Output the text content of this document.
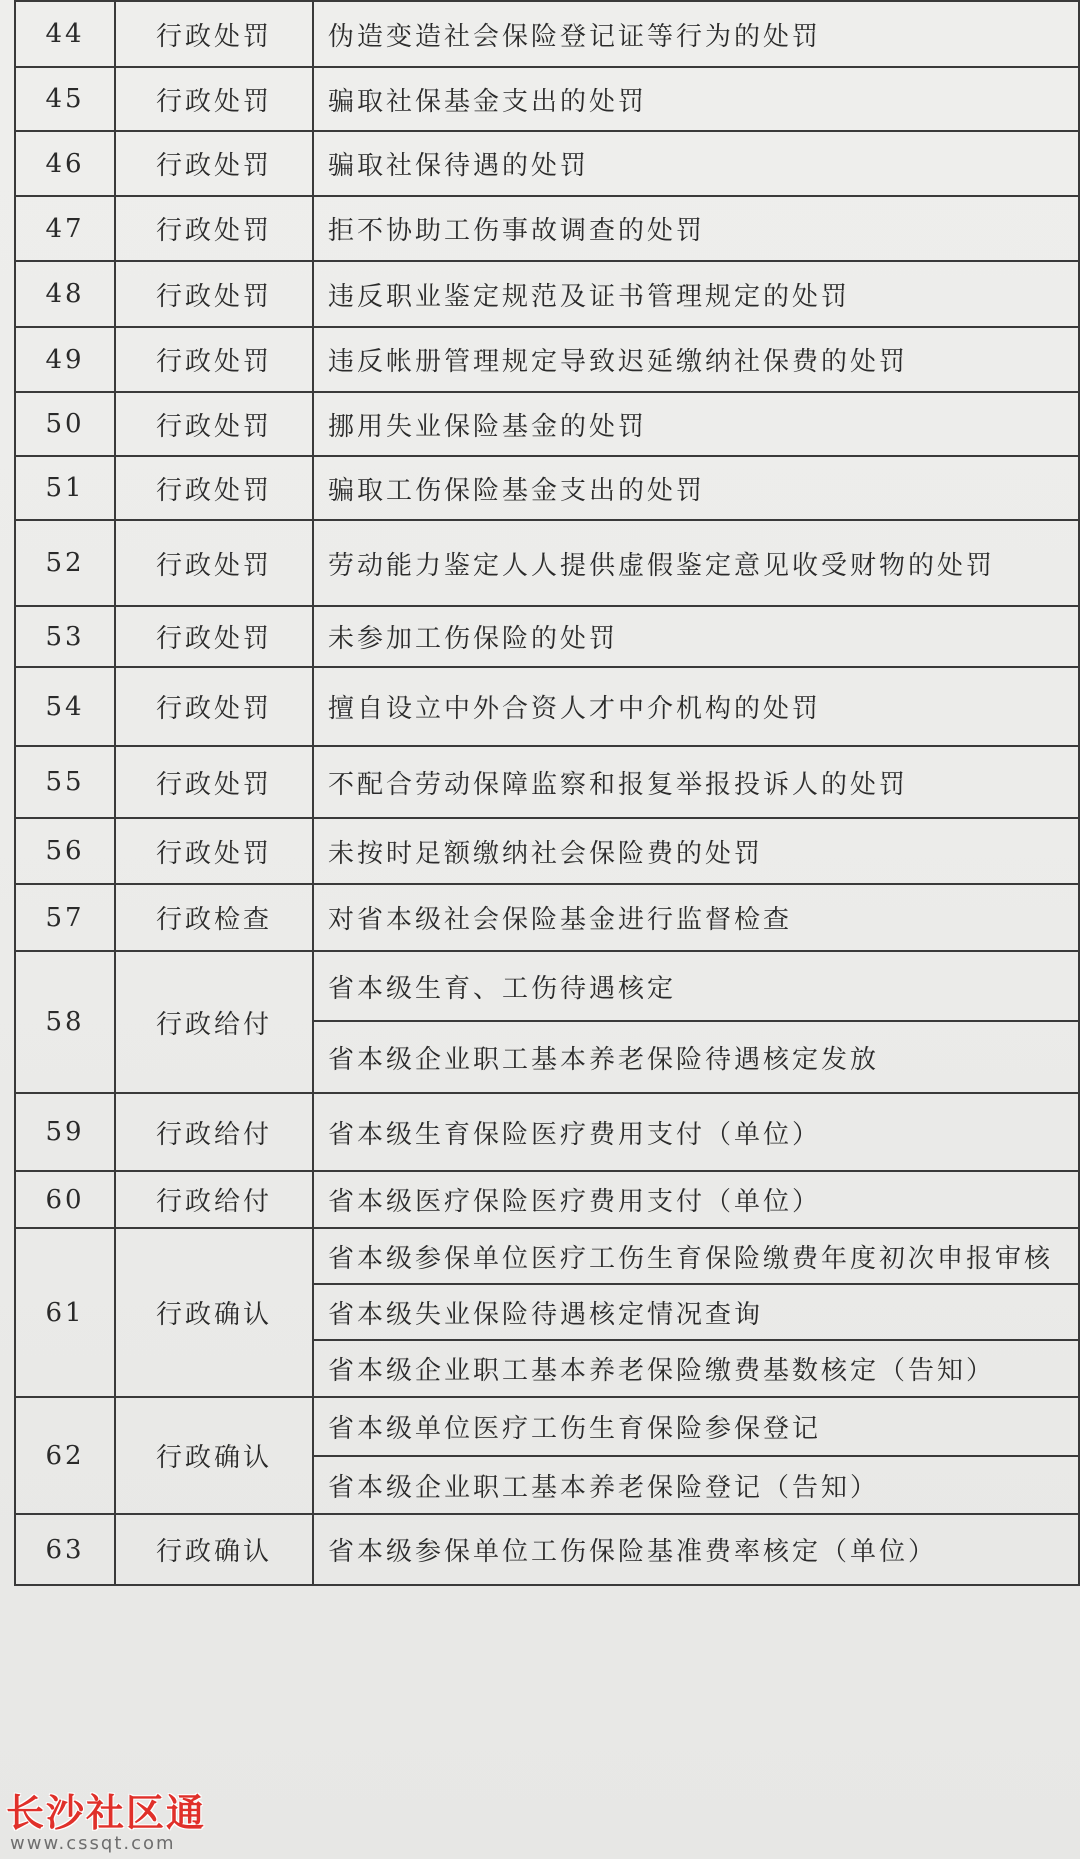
44	行政处罚	伪造变造社会保险登记证等行为的处罚
45	行政处罚	骗取社保基金支出的处罚
46	行政处罚	骗取社保待遇的处罚
47	行政处罚	拒不协助工伤事故调查的处罚
48	行政处罚	违反职业鉴定规范及证书管理规定的处罚
49	行政处罚	违反帐册管理规定导致迟延缴纳社保费的处罚
50	行政处罚	挪用失业保险基金的处罚
51	行政处罚	骗取工伤保险基金支出的处罚
52	行政处罚	劳动能力鉴定人人提供虚假鉴定意见收受财物的处罚
53	行政处罚	未参加工伤保险的处罚
54	行政处罚	擅自设立中外合资人才中介机构的处罚
55	行政处罚	不配合劳动保障监察和报复举报投诉人的处罚
56	行政处罚	未按时足额缴纳社会保险费的处罚
57	行政检查	对省本级社会保险基金进行监督检查
58	行政给付	省本级生育、工伤待遇核定
		省本级企业职工基本养老保险待遇核定发放
59	行政给付	省本级生育保险医疗费用支付（单位）
60	行政给付	省本级医疗保险医疗费用支付（单位）
61	行政确认	省本级参保单位医疗工伤生育保险缴费年度初次申报审核
		省本级失业保险待遇核定情况查询
		省本级企业职工基本养老保险缴费基数核定（告知）
62	行政确认	省本级单位医疗工伤生育保险参保登记
		省本级企业职工基本养老保险登记（告知）
63	行政确认	省本级参保单位工伤保险基准费率核定（单位）
长沙社区通
www.cssqt.com
